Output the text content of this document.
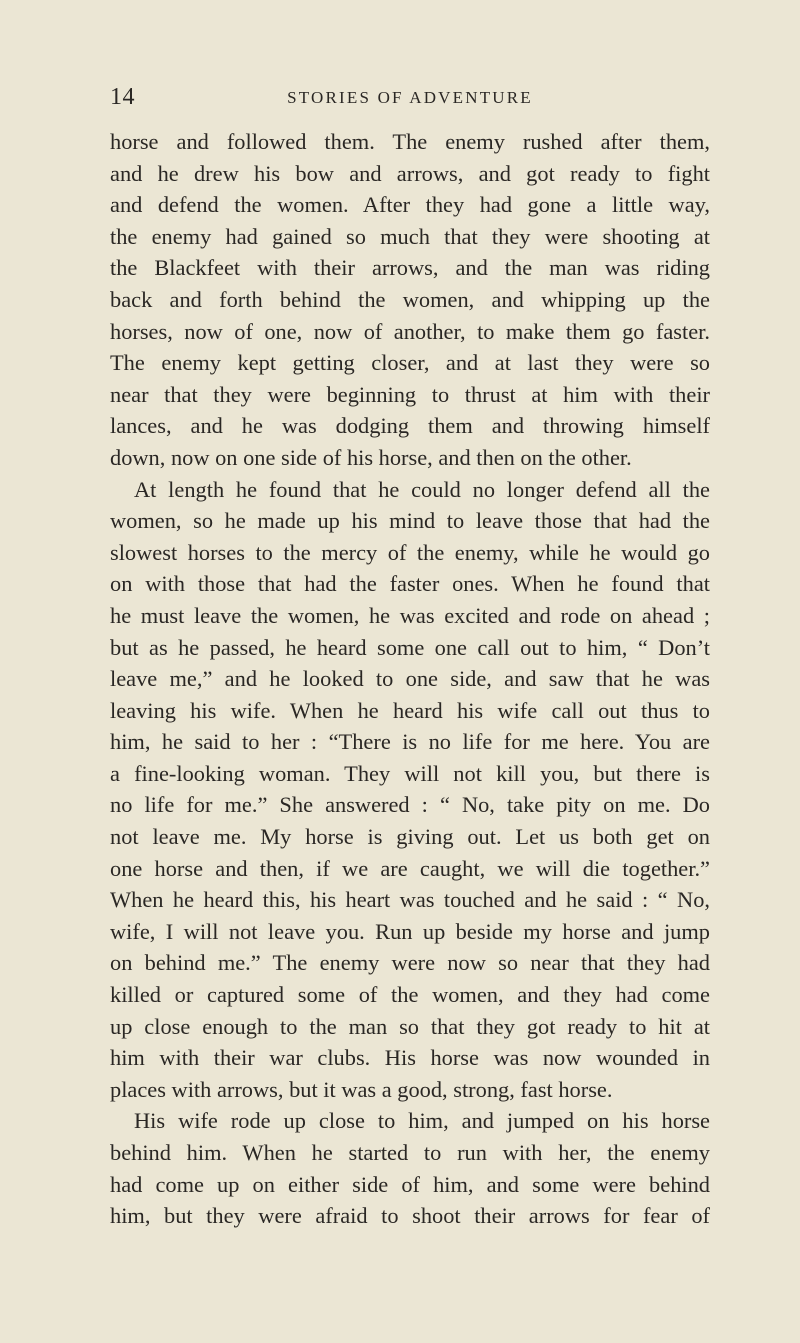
14	STORIES OF ADVENTURE
horse and followed them. The enemy rushed after them,
and he drew his bow and arrows, and got ready to fight
and defend the women. After they had gone a little way,
the enemy had gained so much that they were shooting at
the Blackfeet with their arrows, and the man was riding
back and forth behind the women, and whipping up the
horses, now of one, now of another, to make them go faster.
The enemy kept getting closer, and at last they were so
near that they were beginning to thrust at him with their
lances, and he was dodging them and throwing himself
down, now on one side of his horse, and then on the other.
At length he found that he could no longer defend all the
women, so he made up his mind to leave those that had the
slowest horses to the mercy of the enemy, while he would go
on with those that had the faster ones. When he found that
he must leave the women, he was excited and rode on ahead ;
but as he passed, he heard some one call out to him, “ Don’t
leave me,” and he looked to one side, and saw that he was
leaving his wife. When he heard his wife call out thus to
him, he said to her : “There is no life for me here. You are
a fine-looking woman. They will not kill you, but there is
no life for me.” She answered : “ No, take pity on me. Do
not leave me. My horse is giving out. Let us both get on
one horse and then, if we are caught, we will die together.”
When he heard this, his heart was touched and he said : “ No,
wife, I will not leave you. Run up beside my horse and jump
on behind me.” The enemy were now so near that they had
killed or captured some of the women, and they had come
up close enough to the man so that they got ready to hit at
him with their war clubs. His horse was now wounded in
places with arrows, but it was a good, strong, fast horse.
His wife rode up close to him, and jumped on his horse
behind him. When he started to run with her, the enemy
had come up on either side of him, and some were behind
him, but they were afraid to shoot their arrows for fear of
